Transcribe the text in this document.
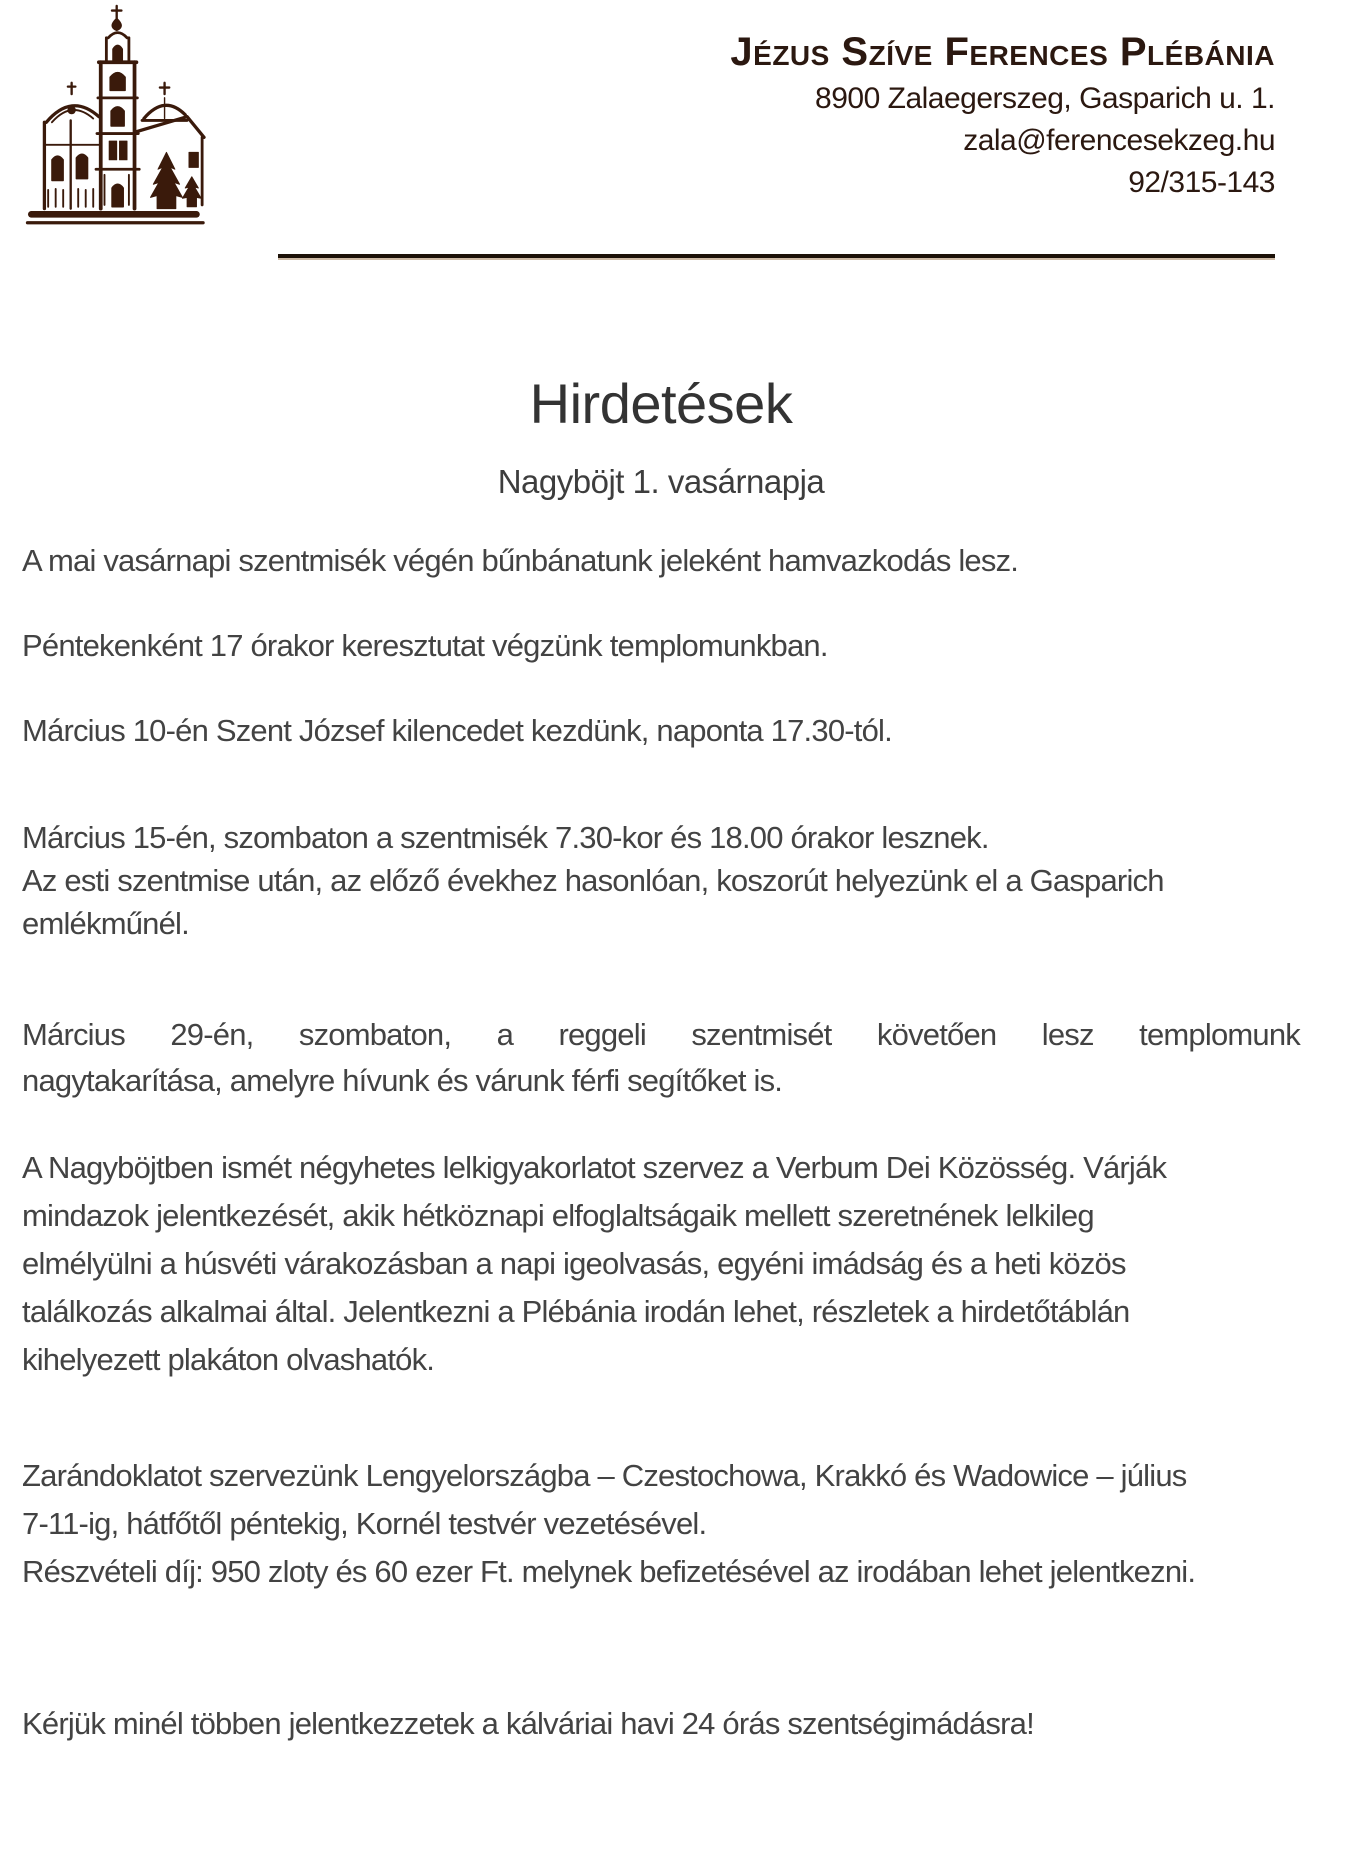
Jézus Szíve Ferences Plébánia
8900 Zalaegerszeg, Gasparich u. 1.
zala@ferencesekzeg.hu
92/315-143
Hirdetések
Nagyböjt 1. vasárnapja

A mai vasárnapi szentmisék végén bűnbánatunk jeleként hamvazkodás lesz.

Péntekenként 17 órakor keresztutat végzünk templomunkban.

Március 10-én Szent József kilencedet kezdünk, naponta 17.30-tól.

Március 15-én, szombaton a szentmisék 7.30-kor és 18.00 órakor lesznek.
Az esti szentmise után, az előző évekhez hasonlóan, koszorút helyezünk el a Gasparich
emlékműnél.

Március 29-én, szombaton, a reggeli szentmisét követően lesz templomunk
nagytakarítása, amelyre hívunk és várunk férfi segítőket is.

A Nagyböjtben ismét négyhetes lelkigyakorlatot szervez a Verbum Dei Közösség. Várják
mindazok jelentkezését, akik hétköznapi elfoglaltságaik mellett szeretnének lelkileg
elmélyülni a húsvéti várakozásban a napi igeolvasás, egyéni imádság és a heti közös
találkozás alkalmai által. Jelentkezni a Plébánia irodán lehet, részletek a hirdetőtáblán
kihelyezett plakáton olvashatók.

Zarándoklatot szervezünk Lengyelországba – Czestochowa, Krakkó és Wadowice – július
7-11-ig, hátfőtől péntekig, Kornél testvér vezetésével.
Részvételi díj: 950 zloty és 60 ezer Ft. melynek befizetésével az irodában lehet jelentkezni.

Kérjük minél többen jelentkezzetek a kálváriai havi 24 órás szentségimádásra!
